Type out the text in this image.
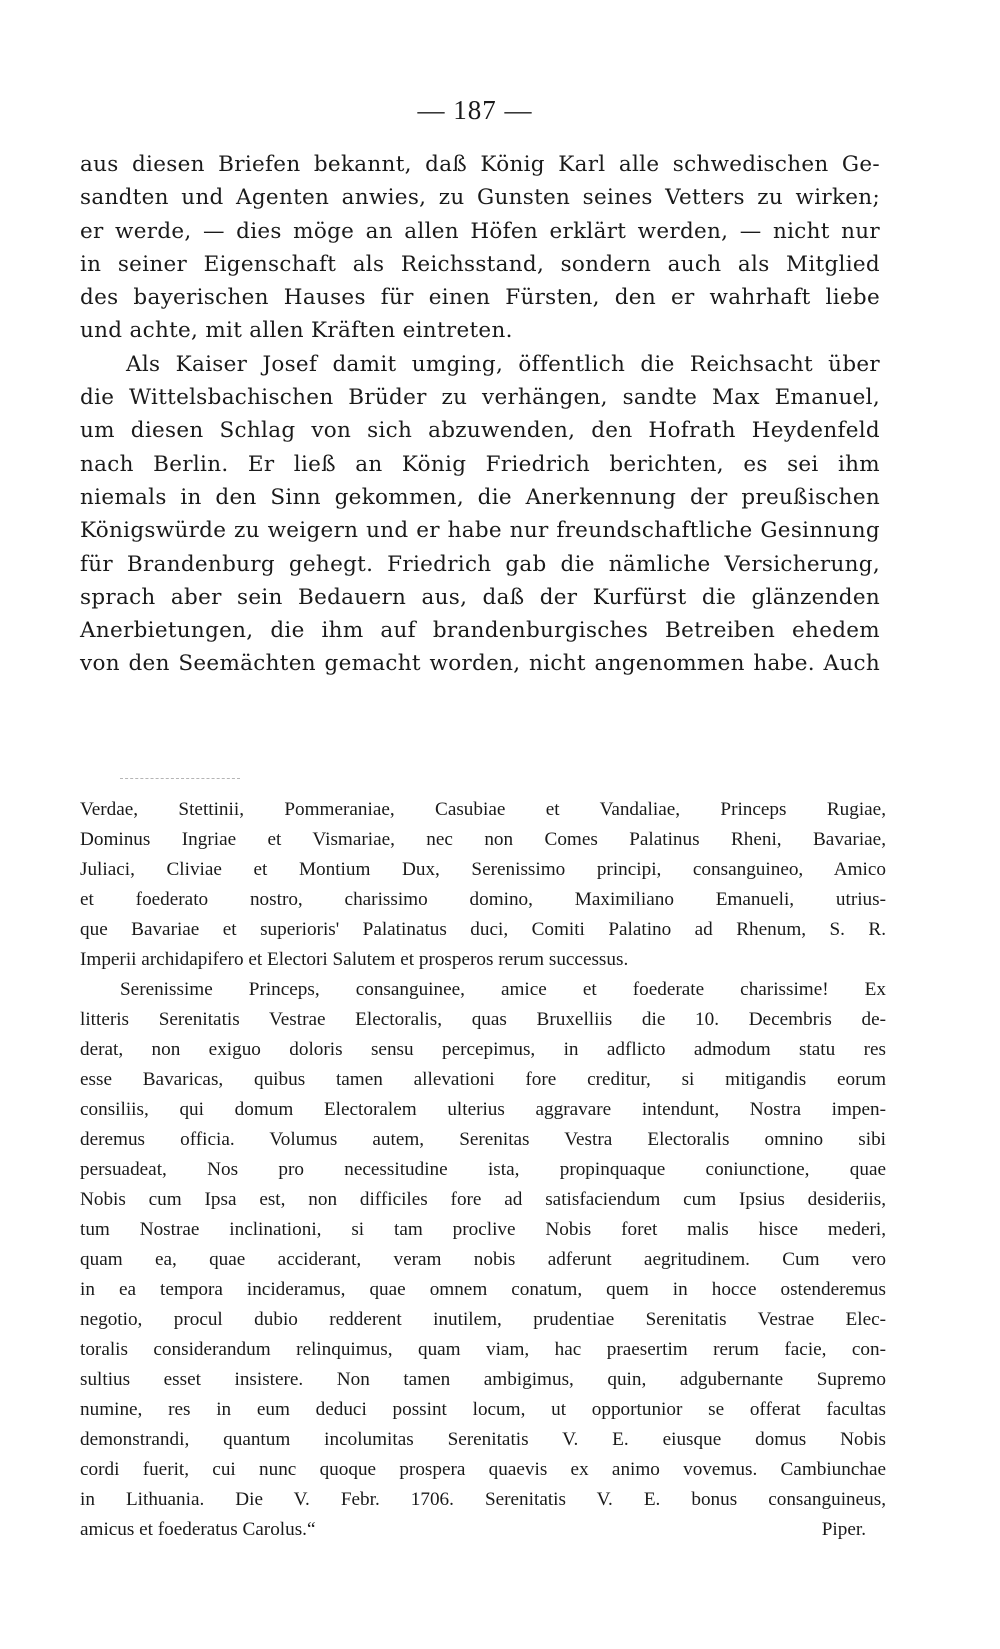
— 187 —
aus diesen Briefen bekannt, daß König Karl alle schwedischen Ge-
sandten und Agenten anwies, zu Gunsten seines Vetters zu wirken;
er werde, — dies möge an allen Höfen erklärt werden, — nicht nur
in seiner Eigenschaft als Reichsstand, sondern auch als Mitglied
des bayerischen Hauses für einen Fürsten, den er wahrhaft liebe
und achte, mit allen Kräften eintreten.
Als Kaiser Josef damit umging, öffentlich die Reichsacht über
die Wittelsbachischen Brüder zu verhängen, sandte Max Emanuel,
um diesen Schlag von sich abzuwenden, den Hofrath Heydenfeld
nach Berlin. Er ließ an König Friedrich berichten, es sei ihm
niemals in den Sinn gekommen, die Anerkennung der preußischen
Königswürde zu weigern und er habe nur freundschaftliche Gesinnung
für Brandenburg gehegt. Friedrich gab die nämliche Versicherung,
sprach aber sein Bedauern aus, daß der Kurfürst die glänzenden
Anerbietungen, die ihm auf brandenburgisches Betreiben ehedem
von den Seemächten gemacht worden, nicht angenommen habe. Auch
Verdae, Stettinii, Pommeraniae, Casubiae et Vandaliae, Princeps Rugiae,
Dominus Ingriae et Vismariae, nec non Comes Palatinus Rheni, Bavariae,
Juliaci, Cliviae et Montium Dux, Serenissimo principi, consanguineo, Amico
et foederato nostro, charissimo domino, Maximiliano Emanueli, utrius-
que Bavariae et superioris' Palatinatus duci, Comiti Palatino ad Rhenum, S. R.
Imperii archidapifero et Electori Salutem et prosperos rerum successus.
Serenissime Princeps, consanguinee, amice et foederate charissime! Ex
litteris Serenitatis Vestrae Electoralis, quas Bruxelliis die 10. Decembris de-
derat, non exiguo doloris sensu percepimus, in adflicto admodum statu res
esse Bavaricas, quibus tamen allevationi fore creditur, si mitigandis eorum
consiliis, qui domum Electoralem ulterius aggravare intendunt, Nostra impen-
deremus officia. Volumus autem, Serenitas Vestra Electoralis omnino sibi
persuadeat, Nos pro necessitudine ista, propinquaque coniunctione, quae
Nobis cum Ipsa est, non difficiles fore ad satisfaciendum cum Ipsius desideriis,
tum Nostrae inclinationi, si tam proclive Nobis foret malis hisce mederi,
quam ea, quae acciderant, veram nobis adferunt aegritudinem. Cum vero
in ea tempora incideramus, quae omnem conatum, quem in hocce ostenderemus
negotio, procul dubio redderent inutilem, prudentiae Serenitatis Vestrae Elec-
toralis considerandum relinquimus, quam viam, hac praesertim rerum facie, con-
sultius esset insistere. Non tamen ambigimus, quin, adgubernante Supremo
numine, res in eum deduci possint locum, ut opportunior se offerat facultas
demonstrandi, quantum incolumitas Serenitatis V. E. eiusque domus Nobis
cordi fuerit, cui nunc quoque prospera quaevis ex animo vovemus. Cambiunchae
in Lithuania. Die V. Febr. 1706. Serenitatis V. E. bonus consanguineus,
amicus et foederatus Carolus.“	Piper.
